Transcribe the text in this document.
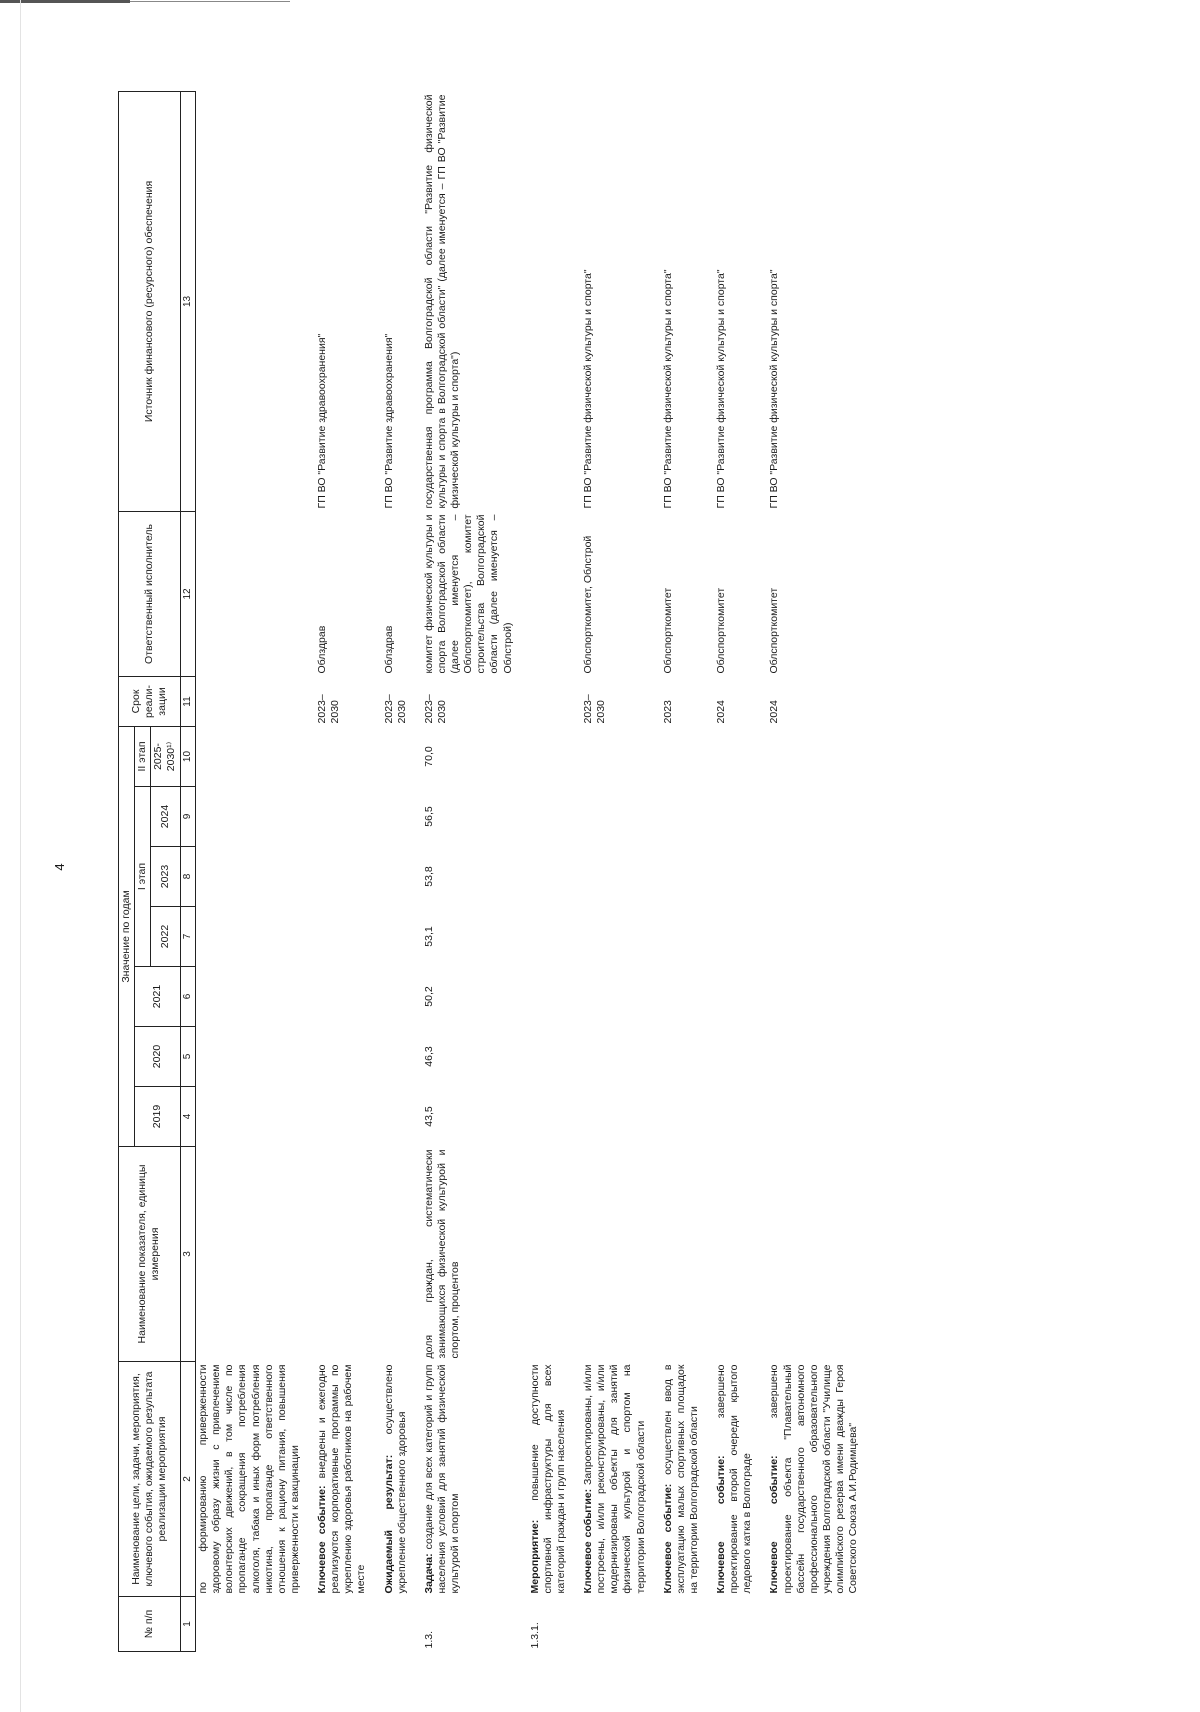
4
№ п/п	Наименование цели, задачи, мероприятия, ключевого события, ожидаемого результата реализации мероприятия	Наименование показателя, единицы измерения	Значение по годам							Срок реали-зации	Ответственный исполнитель	Источник финансового (ресурсного) обеспечения
			2019	2020	2021	I этап			II этап			
						2022	2023	2024	2025-2030¹⁾			
1	2	3	4	5	6	7	8	9	10	11	12	13
	по формированию приверженности здоровому образу жизни с привлечением волонтерских движений, в том числе по пропаганде сокращения потребления алкоголя, табака и иных форм потребления никотина, пропаганде ответственного отношения к рациону питания, повышения приверженности к вакцинации											

	Ключевое событие: внедрены и ежегодно реализуются корпоративные программы по укреплению здоровья работников на рабочем месте									2023–2030	Облздрав	ГП ВО "Развитие здравоохранения"

	Ожидаемый результат: осуществлено укрепление общественного здоровья									2023–2030	Облздрав	ГП ВО "Развитие здравоохранения"

1.3.	Задача: создание для всех категорий и групп населения условий для занятий физической культурой и спортом	доля граждан, систематически занимающихся физической культурой и спортом, процентов	43,5	46,3	50,2	53,1	53,8	56,5	70,0	2023–2030	комитет физической культуры и спорта Волгоградской области (далее именуется – Облспорткомитет), комитет строительства Волгоградской области (далее именуется – Облстрой)	государственная программа Волгоградской области "Развитие физической культуры и спорта в Волгоградской области" (далее именуется – ГП ВО "Развитие физической культуры и спорта")

1.3.1.	Мероприятие: повышение доступности спортивной инфраструктуры для всех категорий граждан и групп населения											

	Ключевое событие: Запроектированы, и/или построены, и/или реконструированы, и/или модернизированы объекты для занятий физической культурой и спортом на территории Волгоградской области									2023–2030	Облспорткомитет, Облстрой	ГП ВО "Развитие физической культуры и спорта"

	Ключевое событие: осуществлен ввод в эксплуатацию малых спортивных площадок на территории Волгоградской области									2023	Облспорткомитет	ГП ВО "Развитие физической культуры и спорта"

	Ключевое событие: завершено проектирование второй очереди крытого ледового катка в Волгограде									2024	Облспорткомитет	ГП ВО "Развитие физической культуры и спорта"

	Ключевое событие: завершено проектирование объекта "Плавательный бассейн государственного автономного профессионального образовательного учреждения Волгоградской области "Училище олимпийского резерва имени дважды Героя Советского Союза А.И.Родимцева"									2024	Облспорткомитет	ГП ВО "Развитие физической культуры и спорта"
